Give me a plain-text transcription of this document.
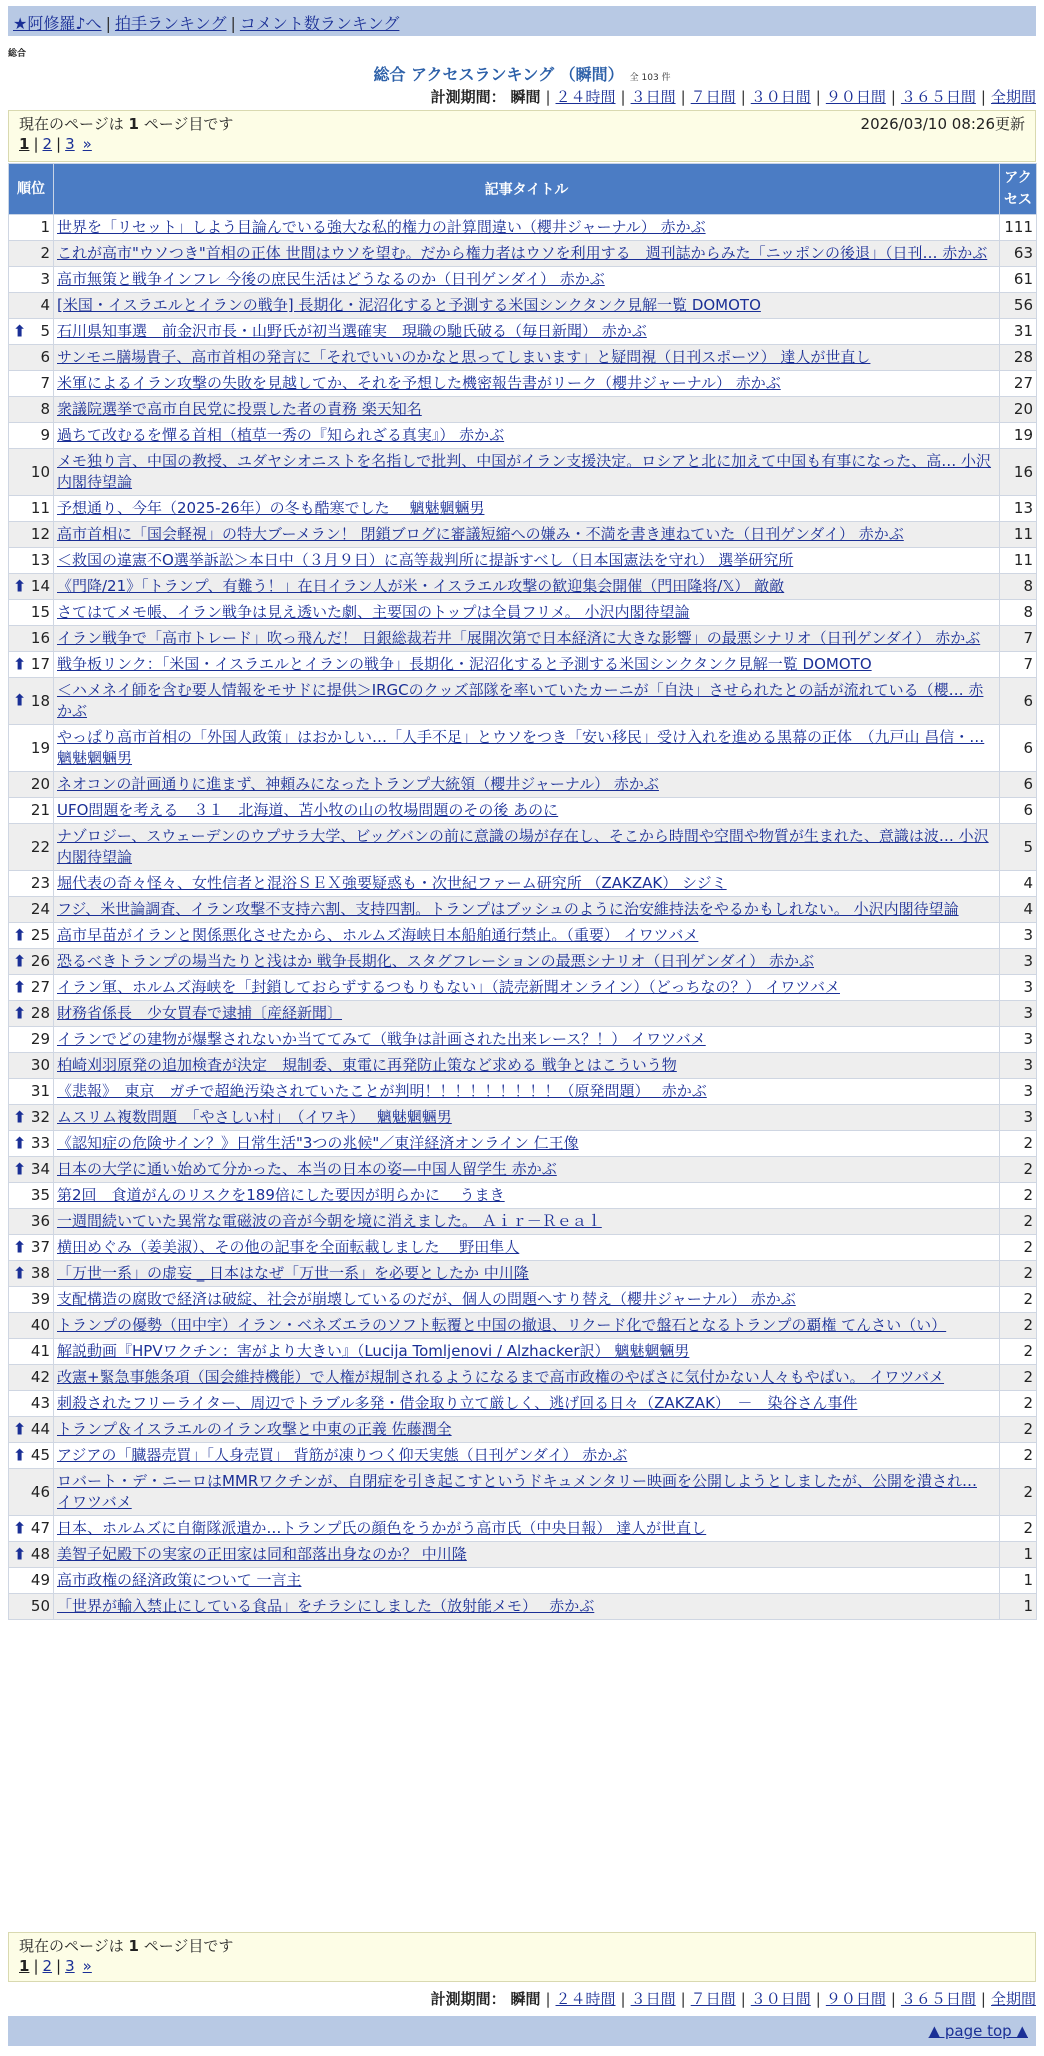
★阿修羅♪へ | 拍手ランキング | コメント数ランキング
総合
総合 アクセスランキング （瞬間） 全 103 件
計測期間： 瞬間 | ２４時間 | ３日間 | ７日間 | ３０日間 | ９０日間 | ３６５日間 | 全期間
現在のページは 1 ページ目です	2026/03/10 08:26更新
1 | 2 | 3 »
順位	記事タイトル	アクセス
1	世界を「リセット」しよう目論んでいる強大な私的権力の計算間違い（櫻井ジャーナル） 赤かぶ	111
2	これが高市"ウソつき"首相の正体 世間はウソを望む。だから権力者はウソを利用する　週刊誌からみた「ニッポンの後退」（日刊… 赤かぶ	63
3	高市無策と戦争インフレ 今後の庶民生活はどうなるのか（日刊ゲンダイ） 赤かぶ	61
4	[米国・イスラエルとイランの戦争] 長期化・泥沼化すると予測する米国シンクタンク見解一覧 DOMOTO	56

⬆ 5	石川県知事選　前金沢市長・山野氏が初当選確実　現職の馳氏破る（毎日新聞） 赤かぶ	31
6	サンモニ膳場貴子、高市首相の発言に「それでいいのかなと思ってしまいます」と疑問視（日刊スポーツ） 達人が世直し	28
7	米軍によるイラン攻撃の失敗を見越してか、それを予想した機密報告書がリーク（櫻井ジャーナル） 赤かぶ	27
8	衆議院選挙で高市自民党に投票した者の責務 楽天知名	20
9	過ちて改むるを憚る首相（植草一秀の『知られざる真実』） 赤かぶ	19
10	メモ独り言、中国の教授、ユダヤシオニストを名指しで批判、中国がイラン支援決定。ロシアと北に加えて中国も有事になった、高… 小沢内閣待望論	16
11	予想通り、今年（2025-26年）の冬も酷寒でした　 魑魅魍魎男	13
12	高市首相に「国会軽視」の特大ブーメラン！ 閉鎖ブログに審議短縮への嫌み・不満を書き連ねていた（日刊ゲンダイ） 赤かぶ	11
13	＜救国の違憲不O選挙訴訟＞本日中（３月９日）に高等裁判所に提訴すべし（日本国憲法を守れ） 選挙研究所	11

⬆ 14	《門降/21》「トランプ、有難う！」在日イラン人が米・イスラエル攻撃の歓迎集会開催（門田隆将/𝕏） 敵敵	8
15	さてはてメモ帳、イラン戦争は見え透いた劇、主要国のトップは全員フリメ。 小沢内閣待望論	8
16	イラン戦争で「高市トレード」吹っ飛んだ！ 日銀総裁若井「展開次第で日本経済に大きな影響」の最悪シナリオ（日刊ゲンダイ） 赤かぶ	7

⬆ 17	戦争板リンク：「米国・イスラエルとイランの戦争」長期化・泥沼化すると予測する米国シンクタンク見解一覧 DOMOTO	7

⬆ 18	＜ハメネイ師を含む要人情報をモサドに提供＞IRGCのクッズ部隊を率いていたカーニが「自決」させられたとの話が流れている（櫻… 赤かぶ	6
19	やっぱり高市首相の「外国人政策」はおかしい…「人手不足」とウソをつき「安い移民」受け入れを進める黒幕の正体　（九戸山 昌信・… 魑魅魍魎男	6
20	ネオコンの計画通りに進まず、神頼みになったトランプ大統領（櫻井ジャーナル） 赤かぶ	6
21	UFO問題を考える　３１　北海道、苫小牧の山の牧場問題のその後 あのに	6
22	ナゾロジー、スウェーデンのウプサラ大学、ビッグバンの前に意識の場が存在し、そこから時間や空間や物質が生まれた、意識は波… 小沢内閣待望論	5
23	堀代表の奇々怪々、女性信者と混浴ＳＥＸ強要疑惑も・次世紀ファーム研究所 （ZAKZAK） シジミ	4
24	フジ、米世論調査、イラン攻撃不支持六割、支持四割。トランプはブッシュのように治安維持法をやるかもしれない。 小沢内閣待望論	4

⬆ 25	高市早苗がイランと関係悪化させたから、ホルムズ海峡日本船舶通行禁止。（重要） イワツバメ	3

⬆ 26	恐るべきトランプの場当たりと浅はか 戦争長期化、スタグフレーションの最悪シナリオ（日刊ゲンダイ） 赤かぶ	3

⬆ 27	イラン軍、ホルムズ海峡を「封鎖しておらずするつもりもない」（読売新聞オンライン）（どっちなの？） イワツバメ	3

⬆ 28	財務省係長　少女買春で逮捕〔産経新聞〕	3
29	イランでどの建物が爆撃されないか当ててみて（戦争は計画された出来レース？！） イワツバメ	3
30	柏崎刈羽原発の追加検査が決定　規制委、東電に再発防止策など求める 戦争とはこういう物	3
31	《悲報》　東京　ガチで超絶汚染されていたことが判明！！！！！！！！！（原発問題）　 赤かぶ	3

⬆ 32	ムスリム複数問題　「やさしい村」　（イワキ）　 魑魅魍魎男	3

⬆ 33	《認知症の危険サイン？》日常生活"3つの兆候"／東洋経済オンライン 仁王像	2

⬆ 34	日本の大学に通い始めて分かった、本当の日本の姿—中国人留学生 赤かぶ	2
35	第2回　食道がんのリスクを189倍にした要因が明らかに　 うまき	2
36	一週間続いていた異常な電磁波の音が今朝を境に消えました。 Ａｉｒ－Ｒｅａｌ	2

⬆ 37	横田めぐみ（姜美淑）、その他の記事を全面転載しました　 野田隼人	2

⬆ 38	「万世一系」の虚妄 _ 日本はなぜ「万世一系」を必要としたか 中川隆	2
39	支配構造の腐敗で経済は破綻、社会が崩壊しているのだが、個人の問題へすり替え（櫻井ジャーナル） 赤かぶ	2
40	トランプの優勢（田中宇）イラン・ベネズエラのソフト転覆と中国の撤退、リクード化で盤石となるトランプの覇権 てんさい（い）	2
41	解説動画『HPVワクチン：害がより大きい』（Lucija Tomljenovi / Alzhacker訳） 魑魅魍魎男	2
42	改憲+緊急事態条項（国会維持機能）で人権が規制されるようになるまで高市政権のやばさに気付かない人々もやばい。 イワツバメ	2
43	刺殺されたフリーライター、周辺でトラブル多発・借金取り立て厳しく、逃げ回る日々（ZAKZAK）　－　染谷さん事件	2

⬆ 44	トランプ＆イスラエルのイラン攻撃と中東の正義 佐藤潤全	2

⬆ 45	アジアの「臓器売買」「人身売買」 背筋が凍りつく仰天実態（日刊ゲンダイ） 赤かぶ	2
46	ロバート・デ・ニーロはMMRワクチンが、自閉症を引き起こすというドキュメンタリー映画を公開しようとしましたが、公開を潰され… イワツバメ	2

⬆ 47	日本、ホルムズに自衛隊派遣か…トランプ氏の顔色をうかがう高市氏（中央日報） 達人が世直し	2

⬆ 48	美智子妃殿下の実家の正田家は同和部落出身なのか？ 中川隆	1
49	高市政権の経済政策について 一言主	1
50	「世界が輸入禁止にしている食品」をチラシにしました（放射能メモ）　 赤かぶ	1
現在のページは 1 ページ目です
1 | 2 | 3 »
計測期間： 瞬間 | ２４時間 | ３日間 | ７日間 | ３０日間 | ９０日間 | ３６５日間 | 全期間
▲ page top ▲
